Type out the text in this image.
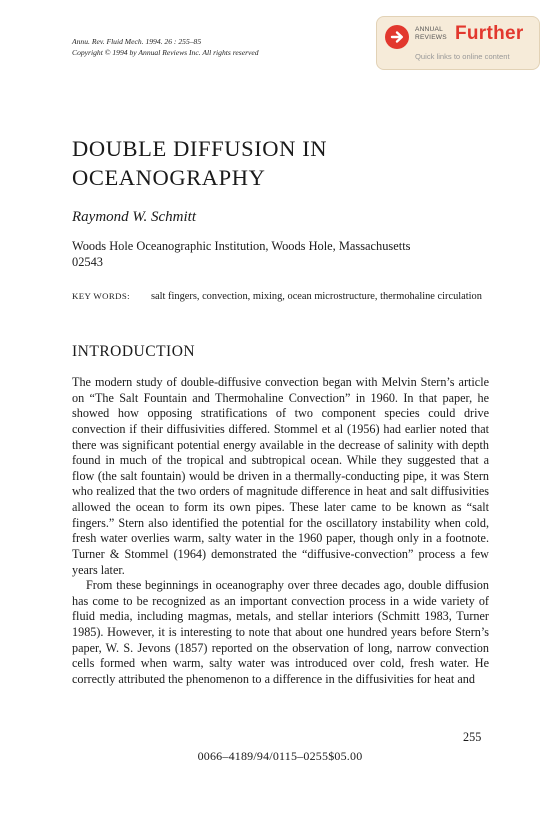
Annu. Rev. Fluid Mech. 1994. 26 : 255–85
Copyright © 1994 by Annual Reviews Inc. All rights reserved
ANNUAL
REVIEWS Further
Quick links to online content
DOUBLE DIFFUSION IN OCEANOGRAPHY
Raymond W. Schmitt
Woods Hole Oceanographic Institution, Woods Hole, Massachusetts 02543
KEY WORDS: salt fingers, convection, mixing, ocean microstructure, thermohaline circulation
INTRODUCTION

The modern study of double-diffusive convection began with Melvin Stern’s article on “The Salt Fountain and Thermohaline Convection” in 1960. In that paper, he showed how opposing stratifications of two component species could drive convection if their diffusivities differed. Stommel et al (1956) had earlier noted that there was significant potential energy available in the decrease of salinity with depth found in much of the tropical and subtropical ocean. While they suggested that a flow (the salt fountain) would be driven in a thermally-conducting pipe, it was Stern who realized that the two orders of magnitude difference in heat and salt diffusivities allowed the ocean to form its own pipes. These later came to be known as “salt fingers.” Stern also identified the potential for the oscillatory instability when cold, fresh water overlies warm, salty water in the 1960 paper, though only in a footnote. Turner & Stommel (1964) demonstrated the “diffusive-convection” process a few years later.

From these beginnings in oceanography over three decades ago, double diffusion has come to be recognized as an important convection process in a wide variety of fluid media, including magmas, metals, and stellar interiors (Schmitt 1983, Turner 1985). However, it is interesting to note that about one hundred years before Stern’s paper, W. S. Jevons (1857) reported on the observation of long, narrow convection cells formed when warm, salty water was introduced over cold, fresh water. He correctly attributed the phenomenon to a difference in the diffusivities for heat and

255
0066–4189/94/0115–0255$05.00
